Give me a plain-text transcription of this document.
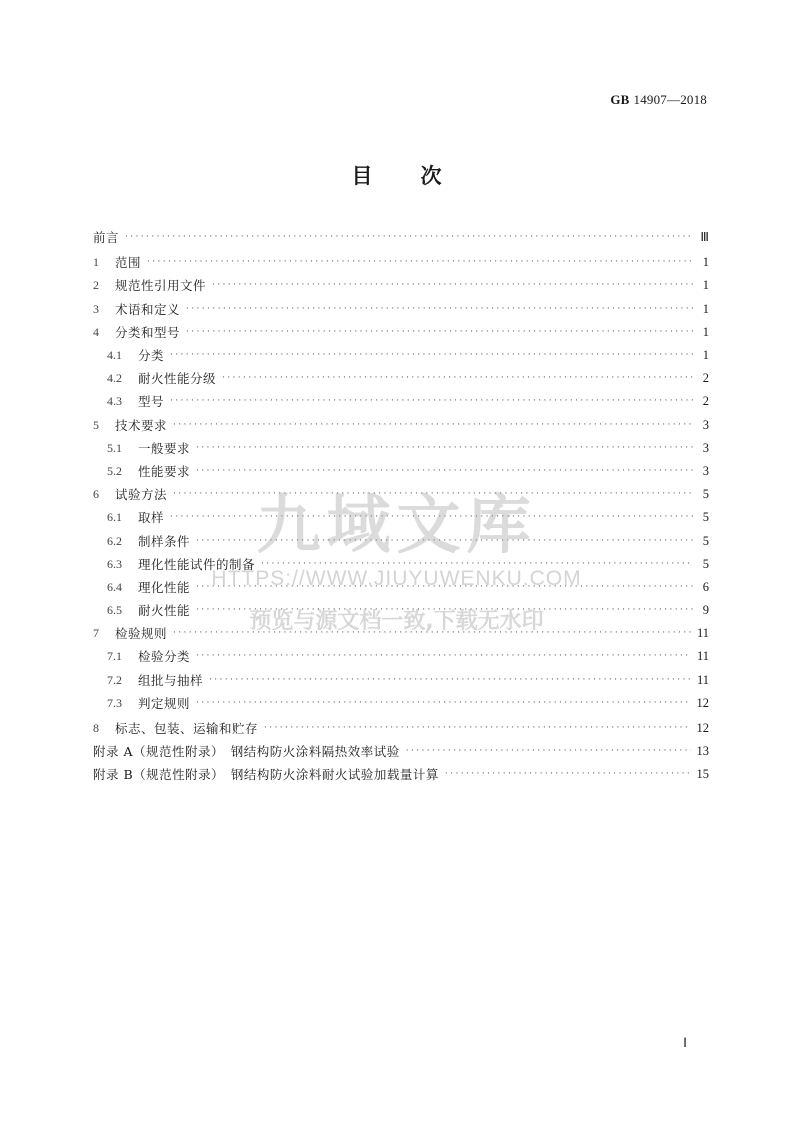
GB 14907—2018
目 次
前言 ·····	Ⅲ
1	范围 ·····	1
2	规范性引用文件 ·····	1
3	术语和定义 ·····	1
4	分类和型号 ·····	1
4.1	分类 ·····	1
4.2	耐火性能分级 ·····	2
4.3	型号 ·····	2
5	技术要求 ·····	3
5.1	一般要求 ·····	3
5.2	性能要求 ·····	3
6	试验方法 ·····	5
6.1	取样 ·····	5
6.2	制样条件 ·····	5
6.3	理化性能试件的制备 ·····	5
6.4	理化性能 ·····	6
6.5	耐火性能 ·····	9
7	检验规则 ·····	11
7.1	检验分类 ·····	11
7.2	组批与抽样 ·····	11
7.3	判定规则 ·····	12
8	标志、包装、运输和贮存 ·····	12
附录 A（规范性附录）　钢结构防火涂料隔热效率试验 ·····	13
附录 B（规范性附录）　钢结构防火涂料耐火试验加载量计算 ·····	15
Ⅰ
九域文库
HTTPS://WWW.JIUYUWENKU.COM
预览与源文档一致,下载无水印
